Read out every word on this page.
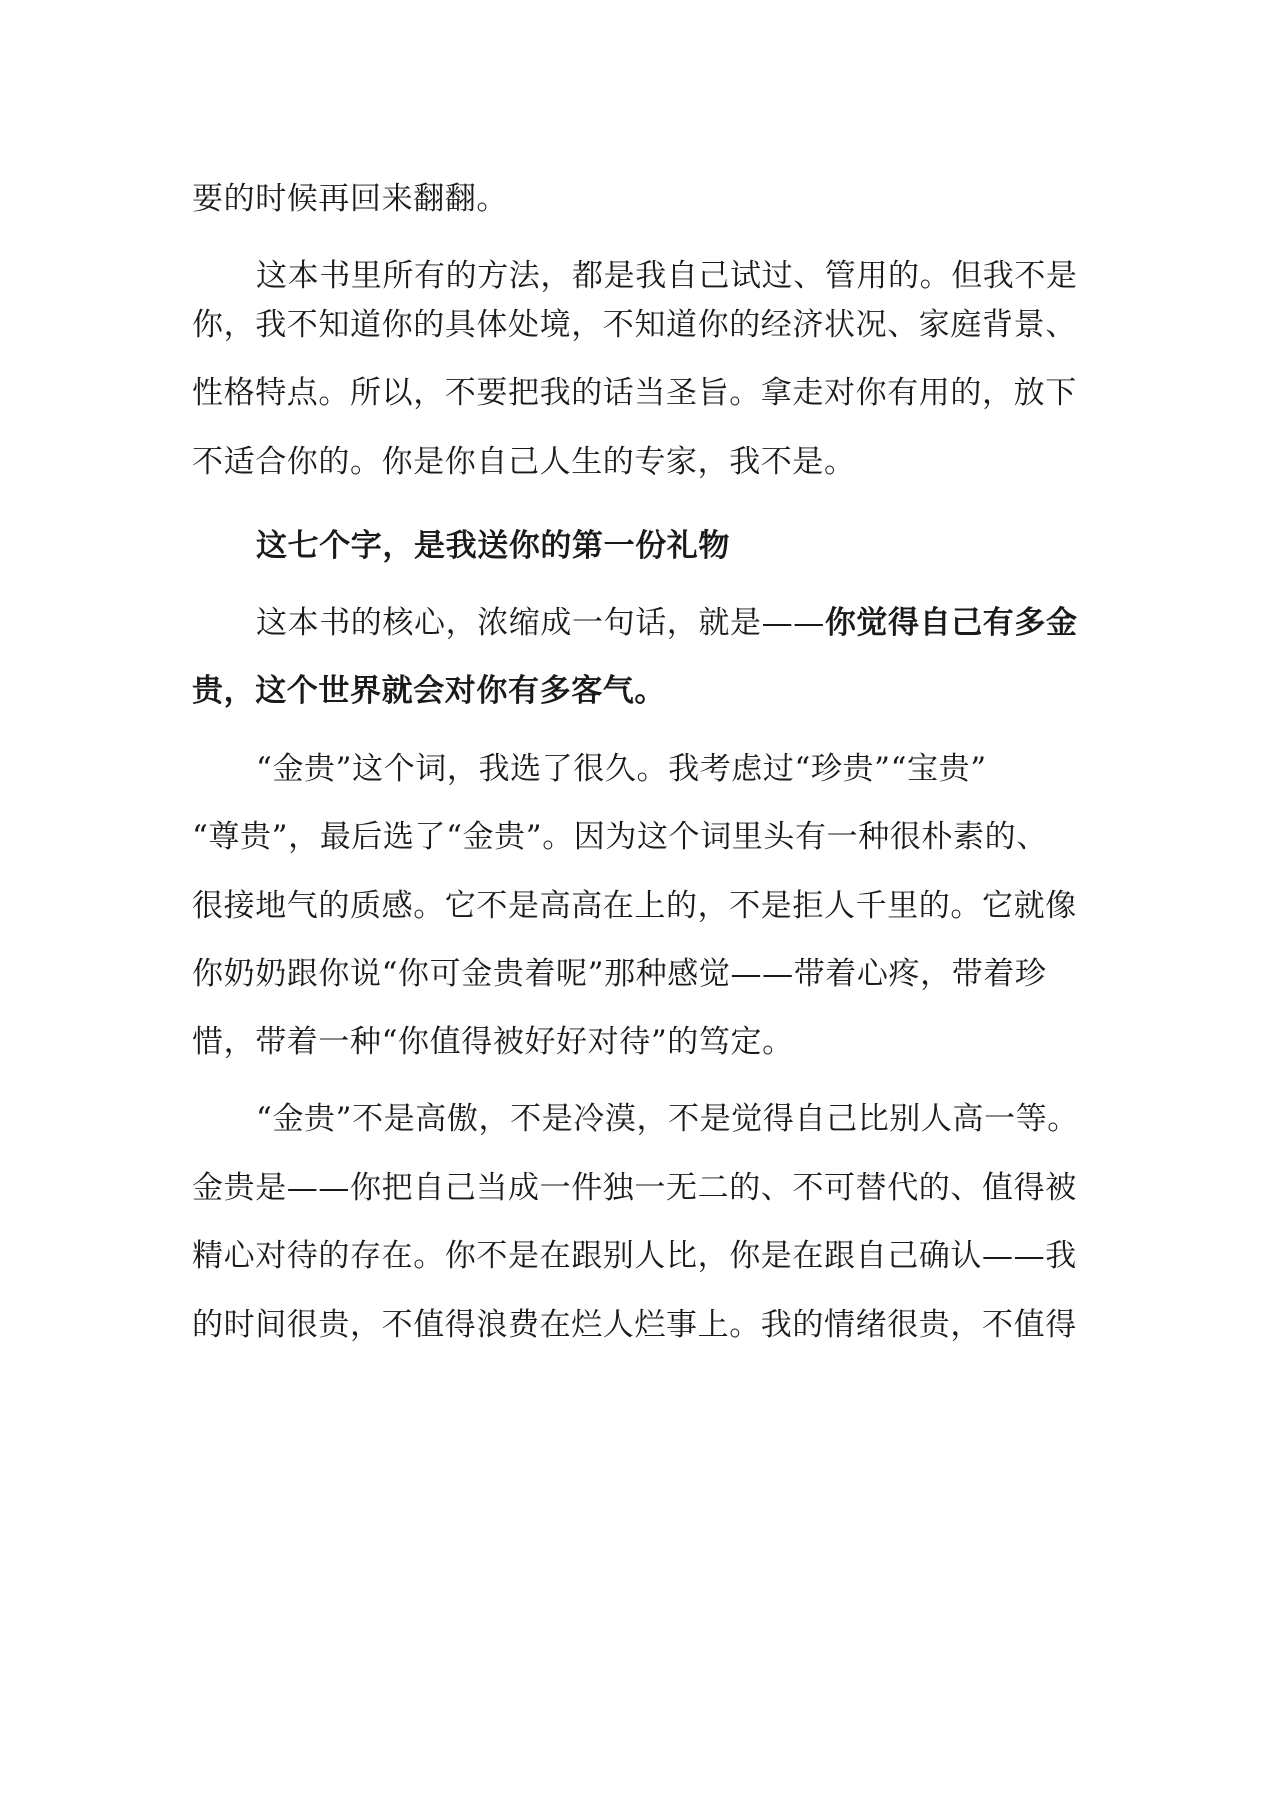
要的时候再回来翻翻。
这本书里所有的方法，都是我自己试过、管用的。但我不是
你，我不知道你的具体处境，不知道你的经济状况、家庭背景、
性格特点。所以，不要把我的话当圣旨。拿走对你有用的，放下
不适合你的。你是你自己人生的专家，我不是。
这七个字，是我送你的第一份礼物
这本书的核心，浓缩成一句话，就是——你觉得自己有多金
贵，这个世界就会对你有多客气。
“金贵”这个词，我选了很久。我考虑过“珍贵”“宝贵”
“尊贵”，最后选了“金贵”。因为这个词里头有一种很朴素的、
很接地气的质感。它不是高高在上的，不是拒人千里的。它就像
你奶奶跟你说“你可金贵着呢”那种感觉——带着心疼，带着珍
惜，带着一种“你值得被好好对待”的笃定。
“金贵”不是高傲，不是冷漠，不是觉得自己比别人高一等。
金贵是——你把自己当成一件独一无二的、不可替代的、值得被
精心对待的存在。你不是在跟别人比，你是在跟自己确认——我
的时间很贵，不值得浪费在烂人烂事上。我的情绪很贵，不值得
